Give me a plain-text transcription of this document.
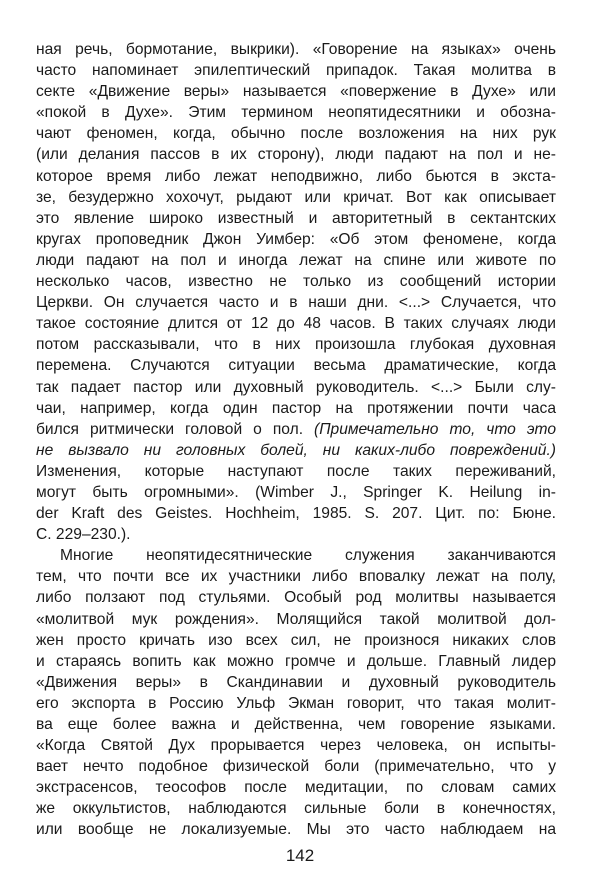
ная речь, бормотание, выкрики). «Говорение на языках» очень
часто напоминает эпилептический припадок. Такая молитва в
секте «Движение веры» называется «повержение в Духе» или
«покой в Духе». Этим термином неопятидесятники и обозна-
чают феномен, когда, обычно после возложения на них рук
(или делания пассов в их сторону), люди падают на пол и не-
которое время либо лежат неподвижно, либо бьются в экста-
зе, безудержно хохочут, рыдают или кричат. Вот как описывает
это явление широко известный и авторитетный в сектантских
кругах проповедник Джон Уимбер: «Об этом феномене, когда
люди падают на пол и иногда лежат на спине или животе по
несколько часов, известно не только из сообщений истории
Церкви. Он случается часто и в наши дни. <...> Случается, что
такое состояние длится от 12 до 48 часов. В таких случаях люди
потом рассказывали, что в них произошла глубокая духовная
перемена. Случаются ситуации весьма драматические, когда
так падает пастор или духовный руководитель. <...> Были слу-
чаи, например, когда один пастор на протяжении почти часа
бился ритмически головой о пол. (Примечательно то, что это
не вызвало ни головных болей, ни каких-либо повреждений.)
Изменения, которые наступают после таких переживаний,
могут быть огромными». (Wimber J., Springer K. Heilung in-
der Kraft des Geistes. Hochheim, 1985. S. 207. Цит. по: Бюне.
С. 229–230.).
Многие неопятидесятнические служения заканчиваются
тем, что почти все их участники либо вповалку лежат на полу,
либо ползают под стульями. Особый род молитвы называется
«молитвой мук рождения». Молящийся такой молитвой дол-
жен просто кричать изо всех сил, не произнося никаких слов
и стараясь вопить как можно громче и дольше. Главный лидер
«Движения веры» в Скандинавии и духовный руководитель
его экспорта в Россию Ульф Экман говорит, что такая молит-
ва еще более важна и действенна, чем говорение языками.
«Когда Святой Дух прорывается через человека, он испыты-
вает нечто подобное физической боли (примечательно, что у
экстрасенсов, теософов после медитации, по словам самих
же оккультистов, наблюдаются сильные боли в конечностях,
или вообще не локализуемые. Мы это часто наблюдаем на
142
